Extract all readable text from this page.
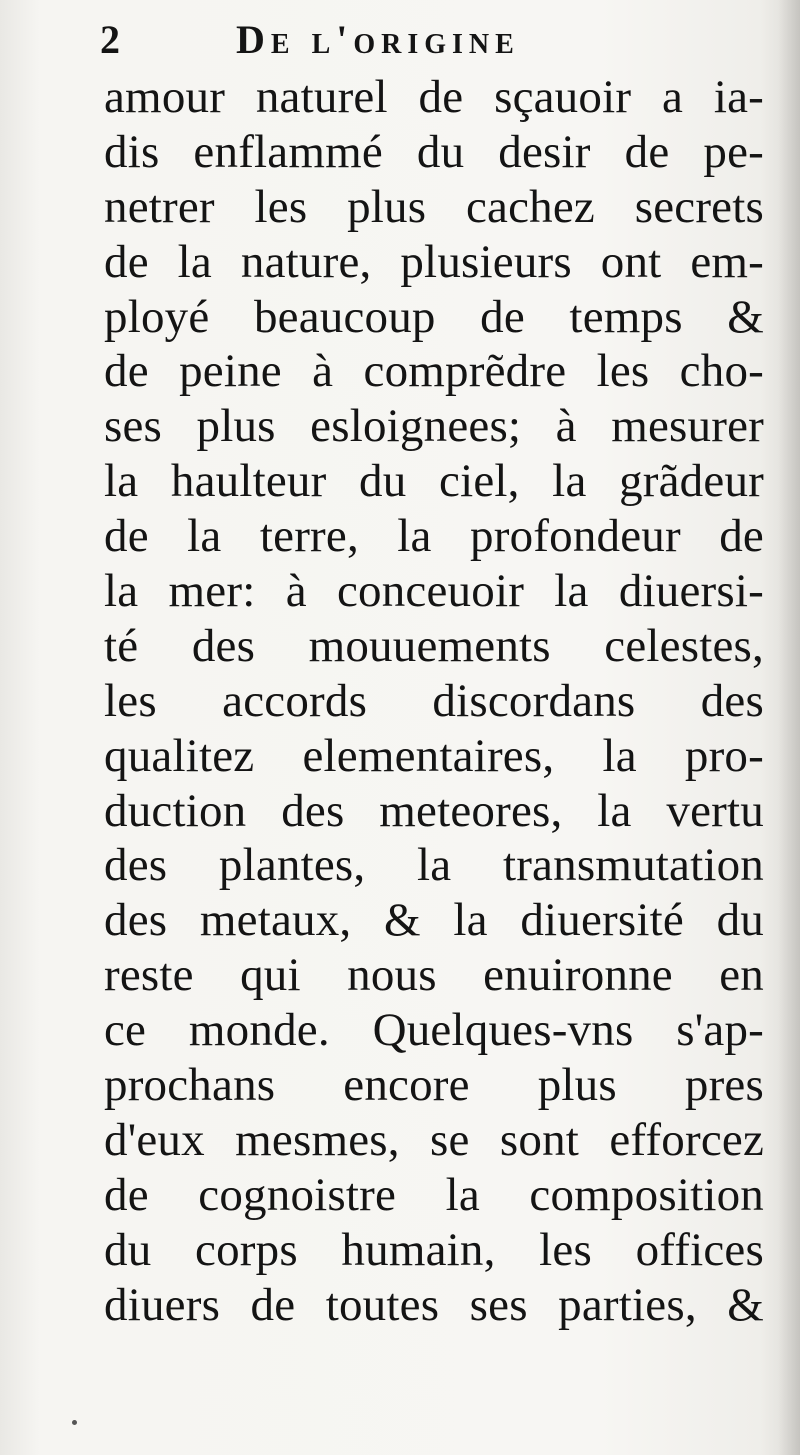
2	De l'origine
amour naturel de sçauoir a ia-
dis enflammé du desir de pe-
netrer les plus cachez secrets
de la nature, plusieurs ont em-
ployé beaucoup de temps &
de peine à comprẽdre les cho-
ses plus esloignees; à mesurer
la haulteur du ciel, la grãdeur
de la terre, la profondeur de
la mer: à conceuoir la diuersi-
té des mouuements celestes,
les accords discordans des
qualitez elementaires, la pro-
duction des meteores, la vertu
des plantes, la transmutation
des metaux, & la diuersité du
reste qui nous enuironne en
ce monde. Quelques-vns s'ap-
prochans encore plus pres
d'eux mesmes, se sont efforcez
de cognoistre la composition
du corps humain, les offices
diuers de toutes ses parties, &
